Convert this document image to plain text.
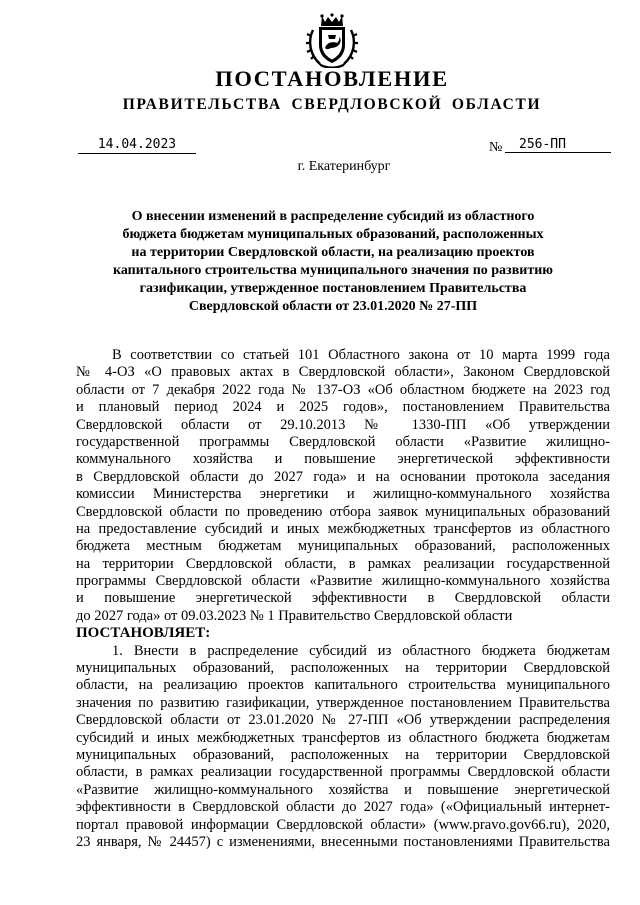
ПОСТАНОВЛЕНИЕ
ПРАВИТЕЛЬСТВА СВЕРДЛОВСКОЙ ОБЛАСТИ
14.04.2023	№	256-ПП
г. Екатеринбург
О внесении изменений в распределение субсидий из областного
бюджета бюджетам муниципальных образований, расположенных
на территории Свердловской области, на реализацию проектов
капитального строительства муниципального значения по развитию
газификации, утвержденное постановлением Правительства
Свердловской области от 23.01.2020 № 27-ПП
В соответствии со статьей 101 Областного закона от 10 марта 1999 года
№ 4-ОЗ «О правовых актах в Свердловской области», Законом Свердловской
области от 7 декабря 2022 года № 137-ОЗ «Об областном бюджете на 2023 год
и плановый период 2024 и 2025 годов», постановлением Правительства
Свердловской области от 29.10.2013 № 1330-ПП «Об утверждении
государственной программы Свердловской области «Развитие жилищно-
коммунального хозяйства и повышение энергетической эффективности
в Свердловской области до 2027 года» и на основании протокола заседания
комиссии Министерства энергетики и жилищно-коммунального хозяйства
Свердловской области по проведению отбора заявок муниципальных образований
на предоставление субсидий и иных межбюджетных трансфертов из областного
бюджета местным бюджетам муниципальных образований, расположенных
на территории Свердловской области, в рамках реализации государственной
программы Свердловской области «Развитие жилищно-коммунального хозяйства
и повышение энергетической эффективности в Свердловской области
до 2027 года» от 09.03.2023 № 1 Правительство Свердловской области
ПОСТАНОВЛЯЕТ:
1. Внести в распределение субсидий из областного бюджета бюджетам
муниципальных образований, расположенных на территории Свердловской
области, на реализацию проектов капитального строительства муниципального
значения по развитию газификации, утвержденное постановлением Правительства
Свердловской области от 23.01.2020 № 27-ПП «Об утверждении распределения
субсидий и иных межбюджетных трансфертов из областного бюджета бюджетам
муниципальных образований, расположенных на территории Свердловской
области, в рамках реализации государственной программы Свердловской области
«Развитие жилищно-коммунального хозяйства и повышение энергетической
эффективности в Свердловской области до 2027 года» («Официальный интернет-
портал правовой информации Свердловской области» (www.pravo.gov66.ru), 2020,
23 января, № 24457) с изменениями, внесенными постановлениями Правительства
